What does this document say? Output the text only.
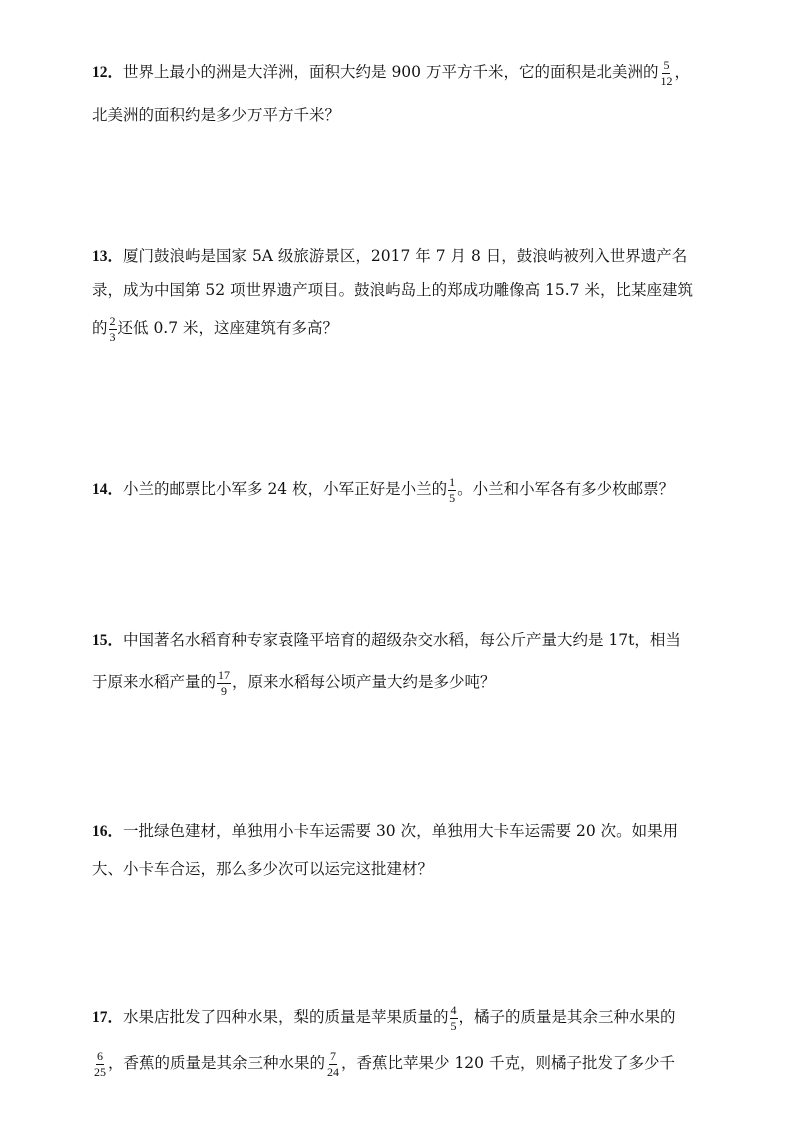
12．世界上最小的洲是大洋洲，面积大约是 900 万平方千米，它的面积是北美洲的 $\frac{5}{12}$ ，
北美洲的面积约是多少万平方千米？
13．厦门鼓浪屿是国家 5A 级旅游景区，2017 年 7 月 8 日，鼓浪屿被列入世界遗产名
录，成为中国第 52 项世界遗产项目。鼓浪屿岛上的郑成功雕像高 15.7 米，比某座建筑
的 $\frac{2}{3}$ 还低 0.7 米，这座建筑有多高？
14．小兰的邮票比小军多 24 枚，小军正好是小兰的 $\frac{1}{5}$ 。小兰和小军各有多少枚邮票？
15．中国著名水稻育种专家袁隆平培育的超级杂交水稻，每公斤产量大约是 17t，相当
于原来水稻产量的 $\frac{17}{9}$ ，原来水稻每公顷产量大约是多少吨？
16．一批绿色建材，单独用小卡车运需要 30 次，单独用大卡车运需要 20 次。如果用
大、小卡车合运，那么多少次可以运完这批建材？
17．水果店批发了四种水果，梨的质量是苹果质量的 $\frac{4}{5}$ ，橘子的质量是其余三种水果的
$\frac{6}{25}$ ，香蕉的质量是其余三种水果的 $\frac{7}{24}$ ，香蕉比苹果少 120 千克，则橘子批发了多少千
